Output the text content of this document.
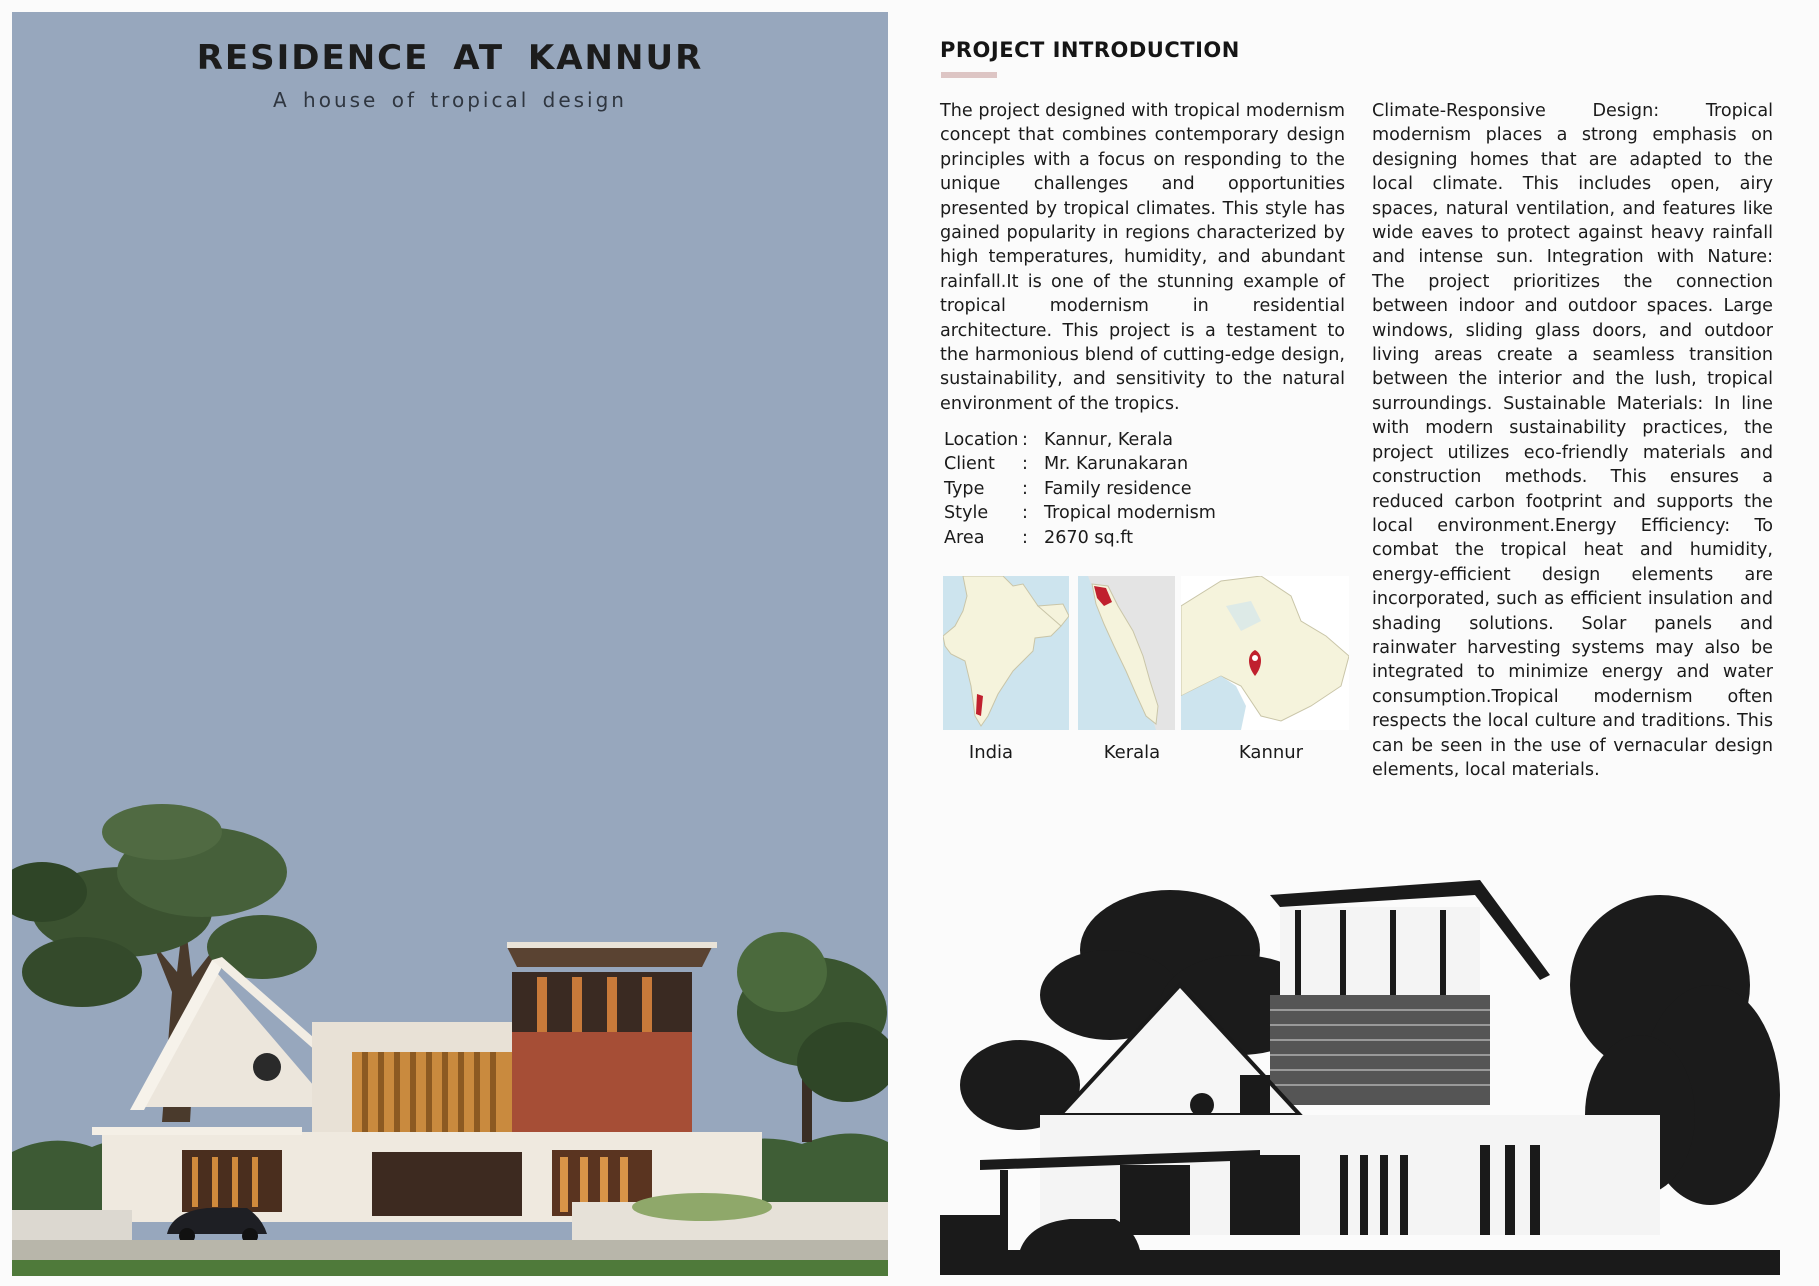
RESIDENCE AT KANNUR
A house of tropical design
PROJECT INTRODUCTION
The project designed with tropical modernism concept that combines contemporary design principles with a focus on responding to the unique challenges and opportunities presented by tropical climates. This style has gained popularity in regions characterized by high temperatures, humidity, and abundant rainfall.It is one of the stunning example of tropical modernism in residential architecture. This project is a testament to the harmonious blend of cutting-edge design, sustainability, and sensitivity to the natural environment of the tropics.
Climate-Responsive Design: Tropical modernism places a strong emphasis on designing homes that are adapted to the local climate. This includes open, airy spaces, natural ventilation, and features like wide eaves to protect against heavy rainfall and intense sun. Integration with Nature: The project prioritizes the connection between indoor and outdoor spaces. Large windows, sliding glass doors, and outdoor living areas create a seamless transition between the interior and the lush, tropical surroundings. Sustainable Materials: In line with modern sustainability practices, the project utilizes eco-friendly materials and construction methods. This ensures a reduced carbon footprint and supports the local environment.Energy Efficiency: To combat the tropical heat and humidity, energy-efficient design elements are incorporated, such as efficient insulation and shading solutions. Solar panels and rainwater harvesting systems may also be integrated to minimize energy and water consumption.Tropical modernism often respects the local culture and traditions. This can be seen in the use of vernacular design elements, local materials.
Location : Kannur, Kerala
Client	: Mr. Karunakaran
Type	: Family residence
Style	: Tropical modernism
Area	: 2670 sq.ft
India	Kerala	Kannur
